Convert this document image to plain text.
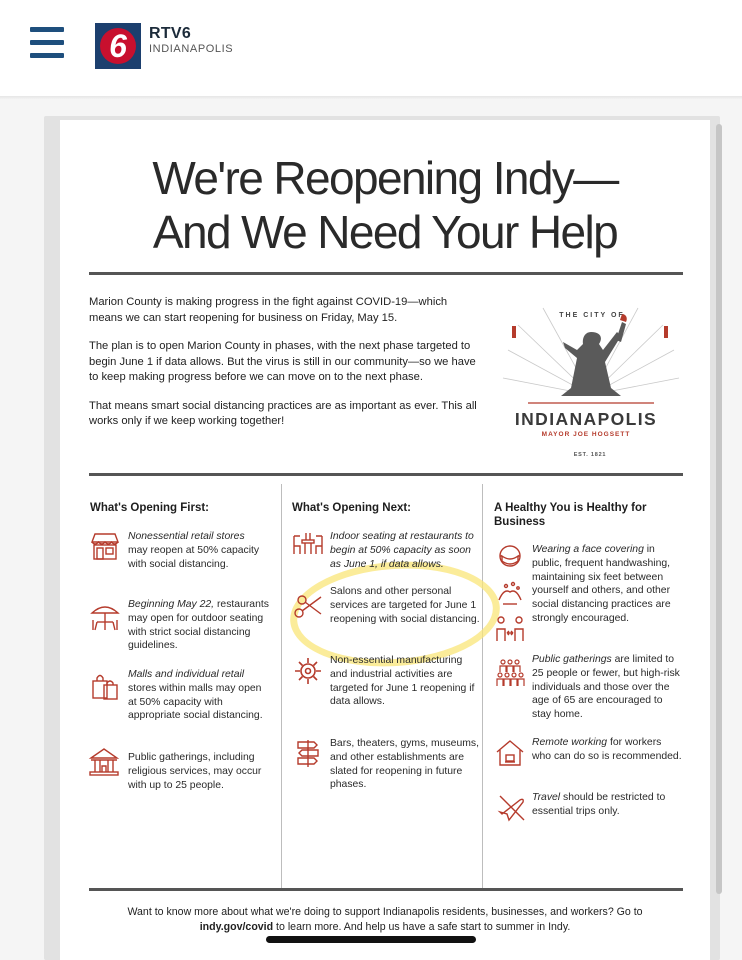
6 RTV6
INDIANAPOLIS
We're Reopening Indy—
And We Need Your Help

Marion County is making progress in the fight against COVID-19—which means we can start reopening for business on Friday, May 15.

The plan is to open Marion County in phases, with the next phase targeted to begin June 1 if data allows. But the virus is still in our community—so we have to keep making progress before we can move on to the next phase.

That means smart social distancing practices are as important as ever. This all works only if we keep working together!

THE CITY OF
INDIANAPOLIS
MAYOR JOE HOGSETT
EST. 1821
What's Opening First:	What's Opening Next:	A Healthy You is Healthy for Business
Nonessential retail stores may reopen at 50% capacity with social distancing.
Beginning May 22, restaurants may open for outdoor seating with strict social distancing guidelines.
Malls and individual retail stores within malls may open at 50% capacity with appropriate social distancing.
Public gatherings, including religious services, may occur with up to 25 people.
Indoor seating at restaurants to begin at 50% capacity as soon as June 1, if data allows.
Salons and other personal services are targeted for June 1 reopening with social distancing.
Non-essential manufacturing and industrial activities are targeted for June 1 reopening if data allows.
Bars, theaters, gyms, museums, and other establishments are slated for reopening in future phases.
Wearing a face covering in public, frequent handwashing, maintaining six feet between yourself and others, and other social distancing practices are strongly encouraged.
Public gatherings are limited to 25 people or fewer, but high-risk individuals and those over the age of 65 are encouraged to stay home.
Remote working for workers who can do so is recommended.
Travel should be restricted to essential trips only.
Want to know more about what we're doing to support Indianapolis residents, businesses, and workers? Go to
indy.gov/covid to learn more. And help us have a safe start to summer in Indy.
